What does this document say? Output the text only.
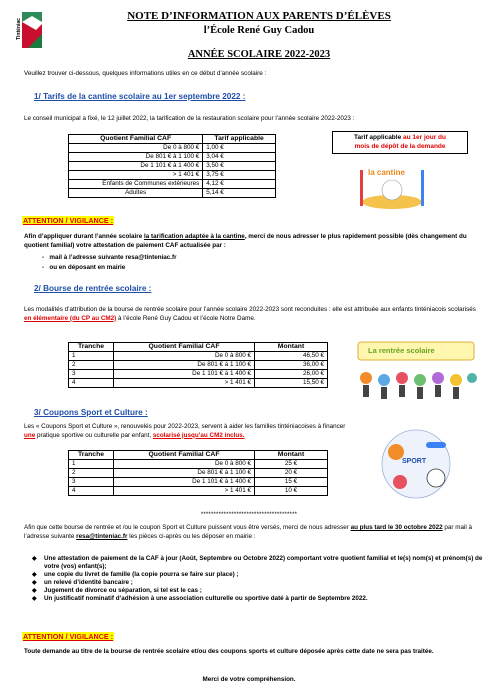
Tinténiac
NOTE D’INFORMATION AUX PARENTS D’ÉLÈVES
l’École René Guy Cadou
ANNÉE SCOLAIRE 2022-2023
Veuillez trouver ci-dessous, quelques informations utiles en ce début d’année scolaire :
1/ Tarifs de la cantine scolaire au 1er septembre 2022 :
Le conseil municipal a fixé, le 12 juillet 2022, la tarification de la restauration scolaire pour l’année scolaire 2022-2023 :
Quotient Familial CAF	Tarif applicable
De 0 à 800 €	1,00 €
De 801 € à 1 100 €	3,04 €
De 1 101 € à 1 400 €	3,50 €
> 1 401 €	3,75 €
Enfants de Communes extérieures	4,12 €
Adultes	5,14 €
Tarif applicable au 1er jour du
mois de dépôt de la demande
la cantine
ATTENTION / VIGILANCE :
Afin d’appliquer durant l’année scolaire la tarification adaptée à la cantine, merci de nous adresser le plus rapidement possible (dès changement du quotient familial) votre attestation de paiement CAF actualisée par :
-   mail à l’adresse suivante resa@tinteniac.fr
-   ou en déposant en mairie
2/ Bourse de rentrée scolaire :
Les modalités d’attribution de la bourse de rentrée scolaire pour l’année scolaire 2022-2023 sont reconduites : elle est attribuée aux enfants tinténiacois scolarisés en élémentaire (du CP au CM2) à l’école René Guy Cadou et l’école Notre Dame.
Tranche	Quotient Familial CAF	Montant
1	De 0 à 800 €	46,50 €
2	De 801 € à 1 100 €	36,00 €
3	De 1 101 € à 1 400 €	26,00 €
4	> 1 401 €	15,50 €
La rentrée scolaire
3/ Coupons Sport et Culture :
Les « Coupons Sport et Culture », renouvelés pour 2022-2023, servent à aider les familles tinténiacoises à financer
une pratique sportive ou culturelle par enfant, scolarisé jusqu’au CM2 inclus.
Tranche	Quotient Familial CAF	Montant
1	De 0 à 800 €	25 €
2	De 801 € à 1 100 €	20 €
3	De 1 101 € à 1 400 €	15 €
4	> 1 401 €	10 €
SPORT
**************************************
Afin que cette bourse de rentrée et /ou le coupon Sport et Culture puissent vous être versés, merci de nous adresser au plus tard le 30 octobre 2022 par mail à l’adresse suivante resa@tinteniac.fr les pièces ci-après ou les déposer en mairie :
◆ Une attestation de paiement de la CAF à jour (Août, Septembre ou Octobre 2022) comportant votre quotient familial et le(s) nom(s) et prénom(s) de votre (vos) enfant(s);
◆ une copie du livret de famille (la copie pourra se faire sur place) ;
◆ un relevé d’identité bancaire ;
◆ Jugement de divorce ou séparation, si tel est le cas ;
◆ Un justificatif nominatif d’adhésion à une association culturelle ou sportive daté à partir de Septembre 2022.
ATTENTION / VIGILANCE :
Toute demande au titre de la bourse de rentrée scolaire et/ou des coupons sports et culture déposée après cette date ne sera pas traitée.
Merci de votre compréhension.
